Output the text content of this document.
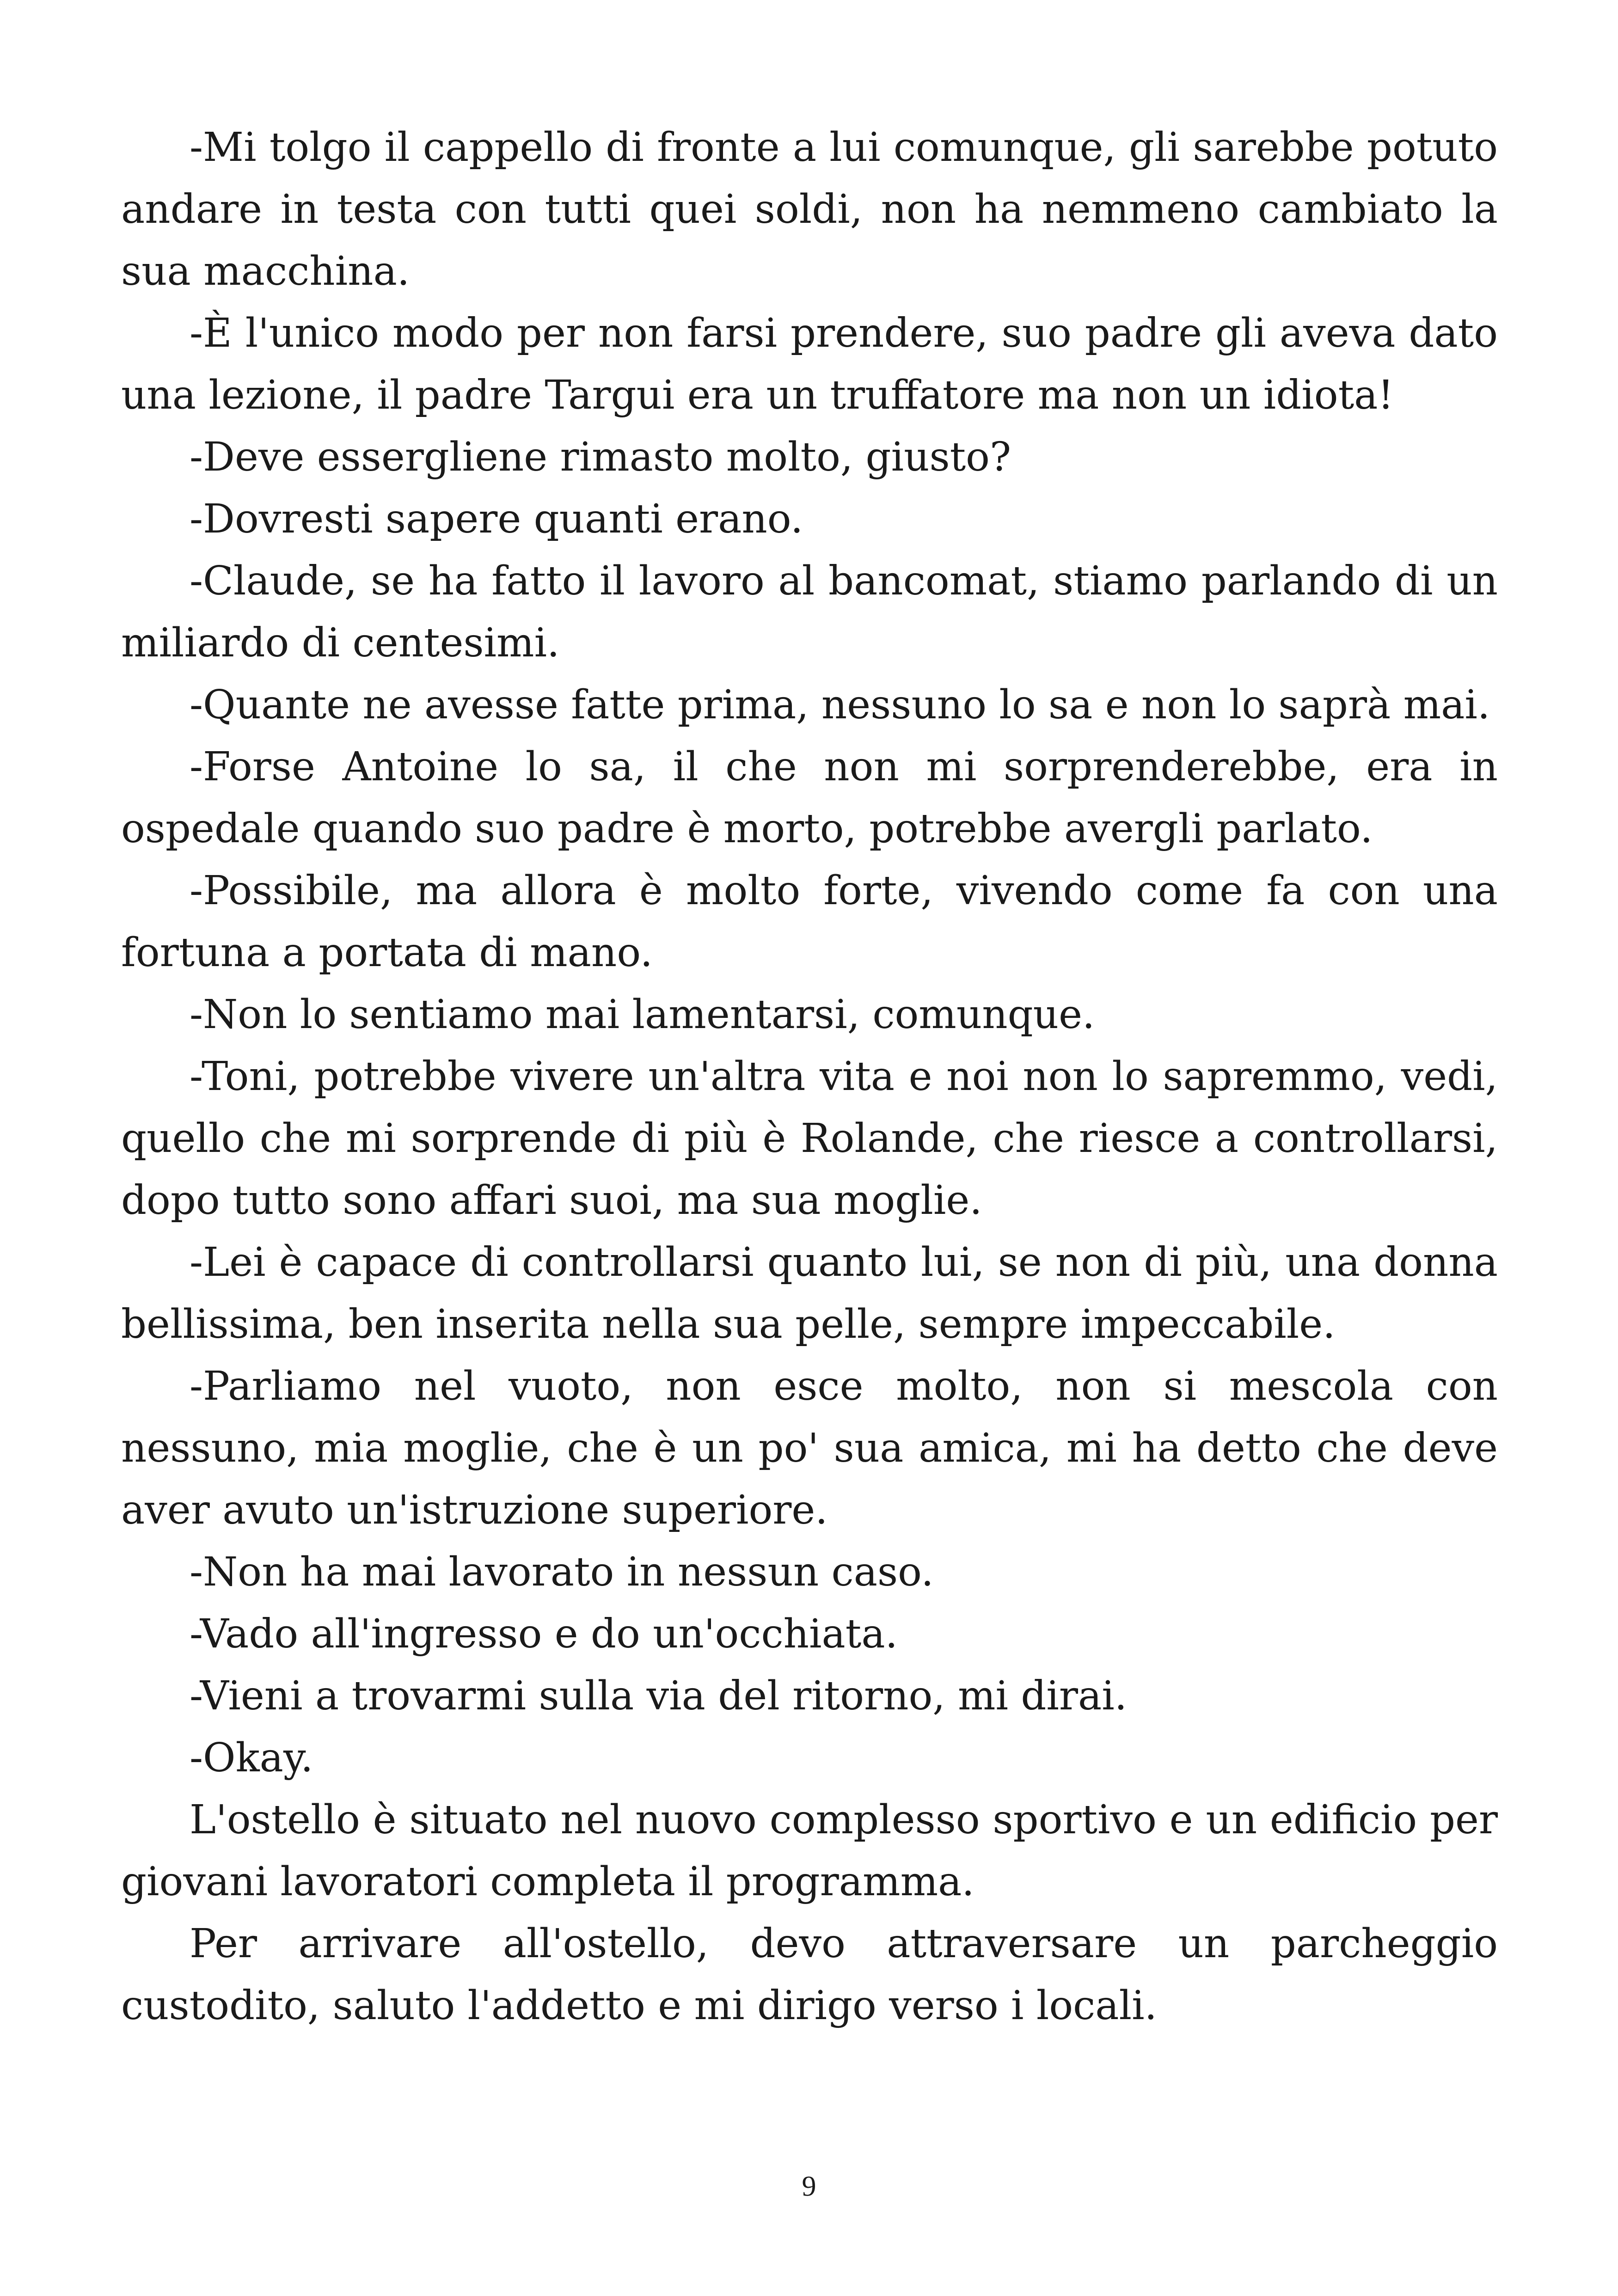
-Mi tolgo il cappello di fronte a lui comunque, gli sarebbe potuto andare in testa con tutti quei soldi, non ha nemmeno cambiato la sua macchina.

-È l'unico modo per non farsi prendere, suo padre gli aveva dato una lezione, il padre Targui era un truffatore ma non un idiota!

-Deve essergliene rimasto molto, giusto?

-Dovresti sapere quanti erano.

-Claude, se ha fatto il lavoro al bancomat, stiamo parlando di un miliardo di centesimi.

-Quante ne avesse fatte prima, nessuno lo sa e non lo saprà mai.

-Forse Antoine lo sa, il che non mi sorprenderebbe, era in ospedale quando suo padre è morto, potrebbe avergli parlato.

-Possibile, ma allora è molto forte, vivendo come fa con una fortuna a portata di mano.

-Non lo sentiamo mai lamentarsi, comunque.

-Toni, potrebbe vivere un'altra vita e noi non lo sapremmo, vedi, quello che mi sorprende di più è Rolande, che riesce a controllarsi, dopo tutto sono affari suoi, ma sua moglie.

-Lei è capace di controllarsi quanto lui, se non di più, una donna bellissima, ben inserita nella sua pelle, sempre impeccabile.

-Parliamo nel vuoto, non esce molto, non si mescola con nessuno, mia moglie, che è un po' sua amica, mi ha detto che deve aver avuto un'istruzione superiore.

-Non ha mai lavorato in nessun caso.

-Vado all'ingresso e do un'occhiata.

-Vieni a trovarmi sulla via del ritorno, mi dirai.

-Okay.

L'ostello è situato nel nuovo complesso sportivo e un edificio per giovani lavoratori completa il programma.

Per arrivare all'ostello, devo attraversare un parcheggio custodito, saluto l'addetto e mi dirigo verso i locali.

9
